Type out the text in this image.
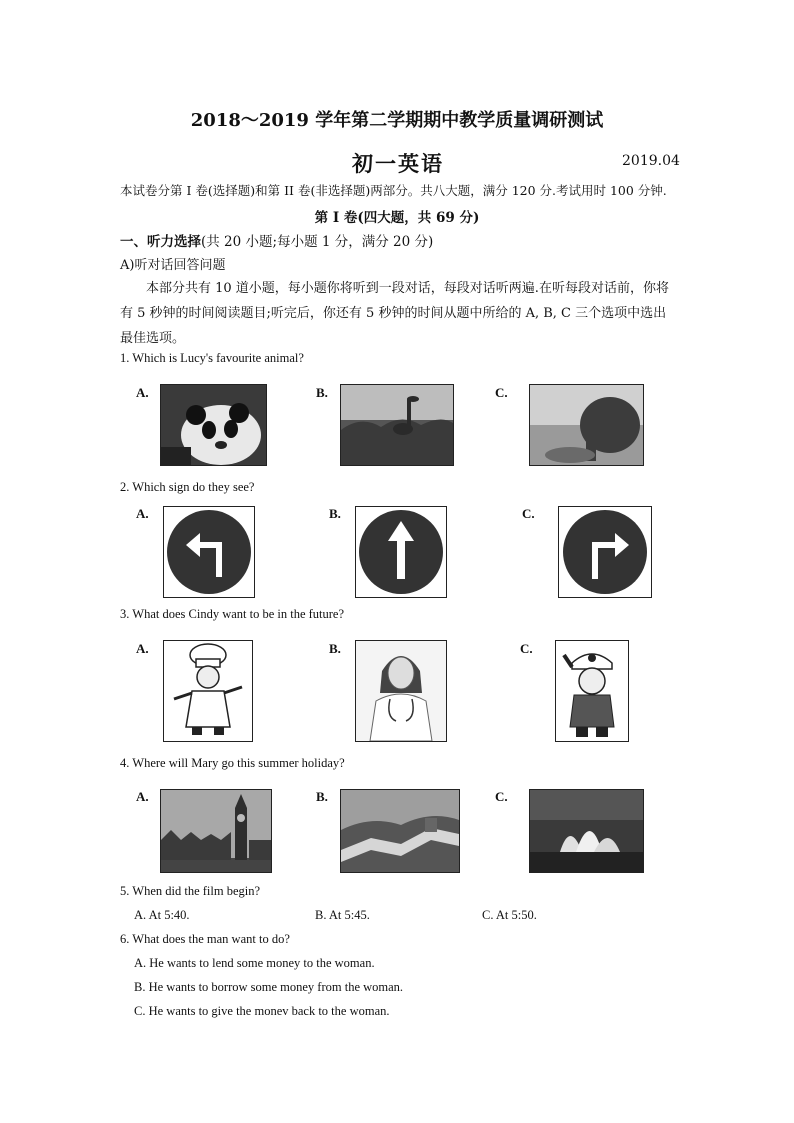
2018～2019 学年第二学期期中教学质量调研测试
初一英语	2019.04
本试卷分第 I 卷(选择题)和第 II 卷(非选择题)两部分。共八大题，满分 120 分.考试用时 100 分钟.
第 I 卷(四大题，共 69 分)
一、听力选择(共 20 小题;每小题 1 分，满分 20 分)
A)听对话回答问题
本部分共有 10 道小题，每小题你将听到一段对话，每段对话听两遍.在听每段对话前，你将有 5 秒钟的时间阅读题目;听完后，你还有 5 秒钟的时间从题中所给的 A, B, C 三个选项中选出最佳选项。
1. Which is Lucy's favourite animal?
A.	B.	C.
2. Which sign do they see?
A.	B.	C.
3. What does Cindy want to be in the future?
A.	B.	C.
4. Where will Mary go this summer holiday?
A.	B.	C.
5. When did the film begin?
A. At 5:40.	B. At 5:45.	C. At 5:50.
6. What does the man want to do?
A. He wants to lend some money to the woman.
B. He wants to borrow some money from the woman.
C. He wants to give the monev back to the woman.
